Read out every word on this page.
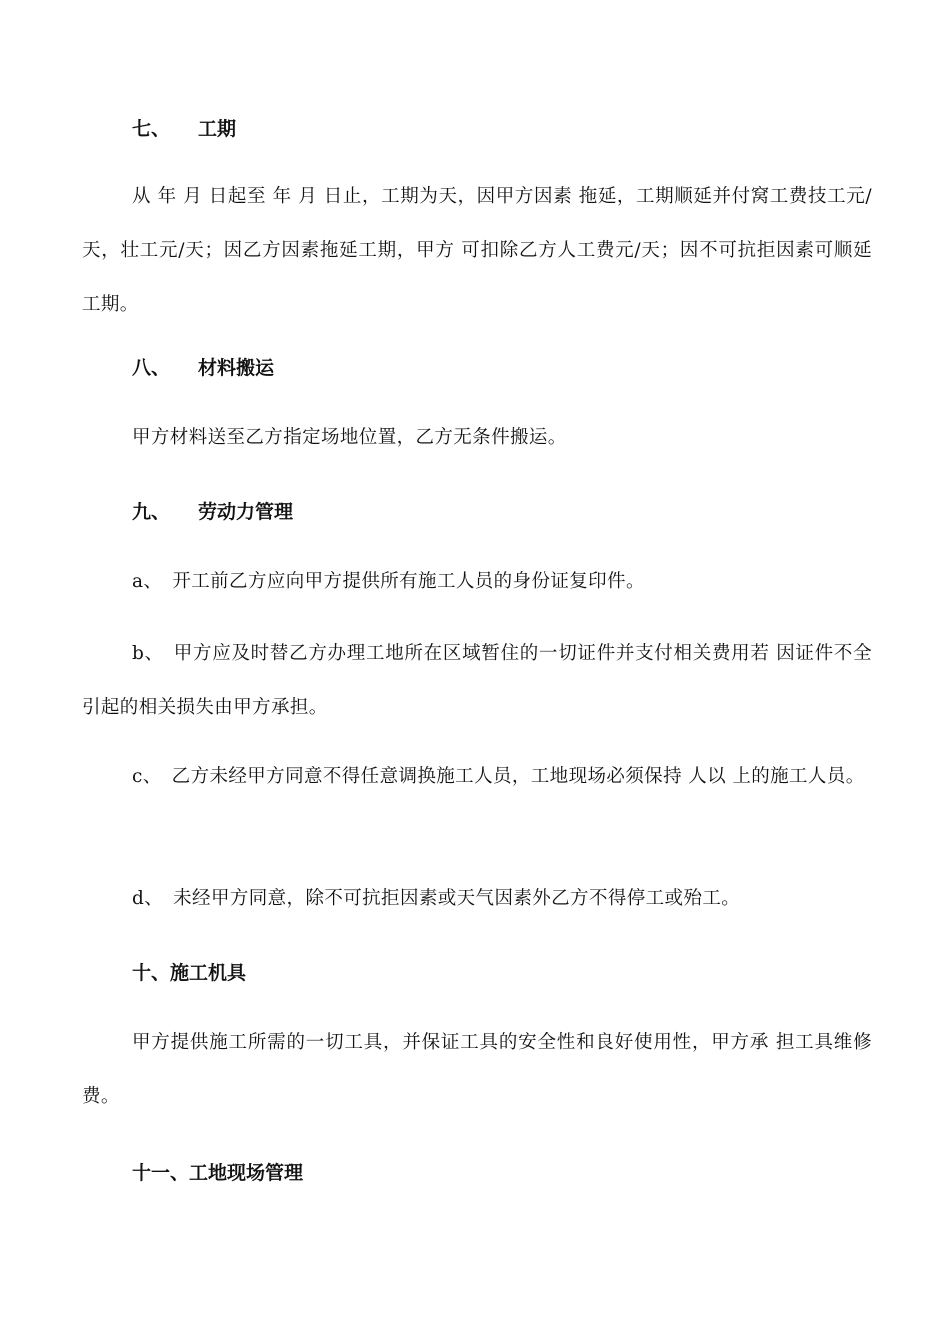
七、 工期
从 年 月 日起至 年 月 日止，工期为天，因甲方因素 拖延，工期顺延并付窝工费技工元/天，壮工元/天；因乙方因素拖延工期，甲方 可扣除乙方人工费元/天；因不可抗拒因素可顺延工期。
八、 材料搬运
甲方材料送至乙方指定场地位置，乙方无条件搬运。
九、 劳动力管理
a、 开工前乙方应向甲方提供所有施工人员的身份证复印件。
b、 甲方应及时替乙方办理工地所在区域暂住的一切证件并支付相关费用若 因证件不全引起的相关损失由甲方承担。
c、 乙方未经甲方同意不得任意调换施工人员，工地现场必须保持 人以 上的施工人员。
d、 未经甲方同意，除不可抗拒因素或天气因素外乙方不得停工或殆工。
十、施工机具
甲方提供施工所需的一切工具，并保证工具的安全性和良好使用性，甲方承 担工具维修费。
十一、工地现场管理
